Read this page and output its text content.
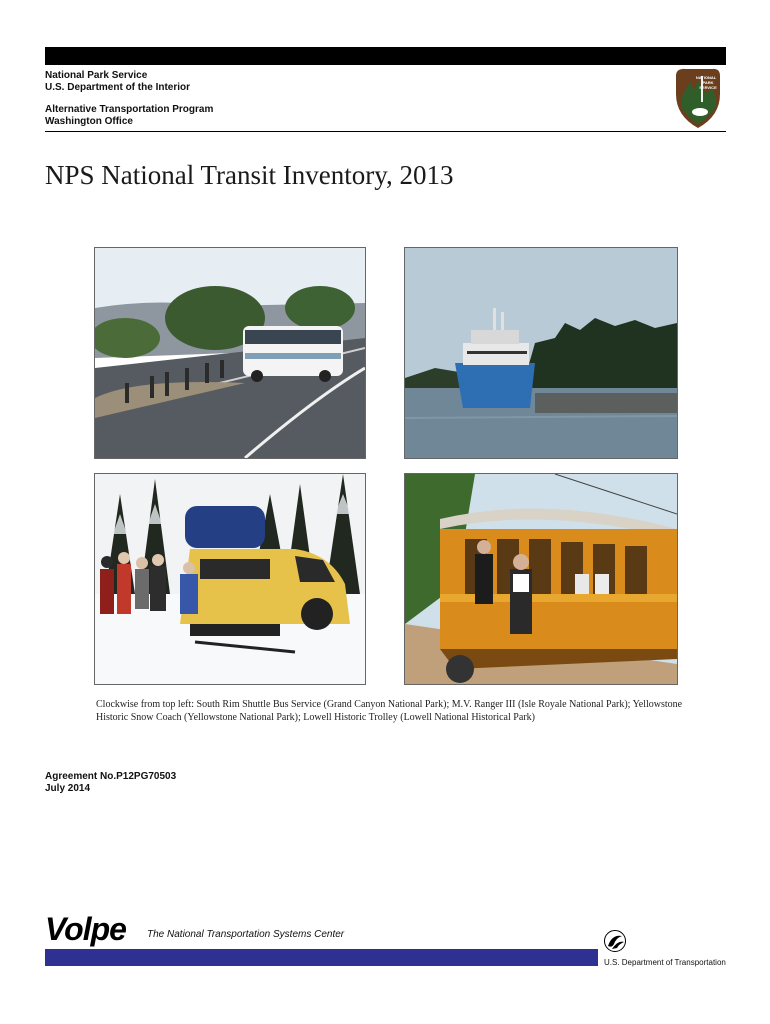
National Park Service
U.S. Department of the Interior
Alternative Transportation Program
Washington Office
NATIONAL
PARK
SERVICE
NPS National Transit Inventory, 2013
Clockwise from top left: South Rim Shuttle Bus Service (Grand Canyon National Park); M.V. Ranger III (Isle Royale National Park); Yellowstone Historic Snow Coach (Yellowstone National Park); Lowell Historic Trolley (Lowell National Historical Park)
Agreement No.P12PG70503
July 2014
Volpe The National Transportation Systems Center
U.S. Department of Transportation
